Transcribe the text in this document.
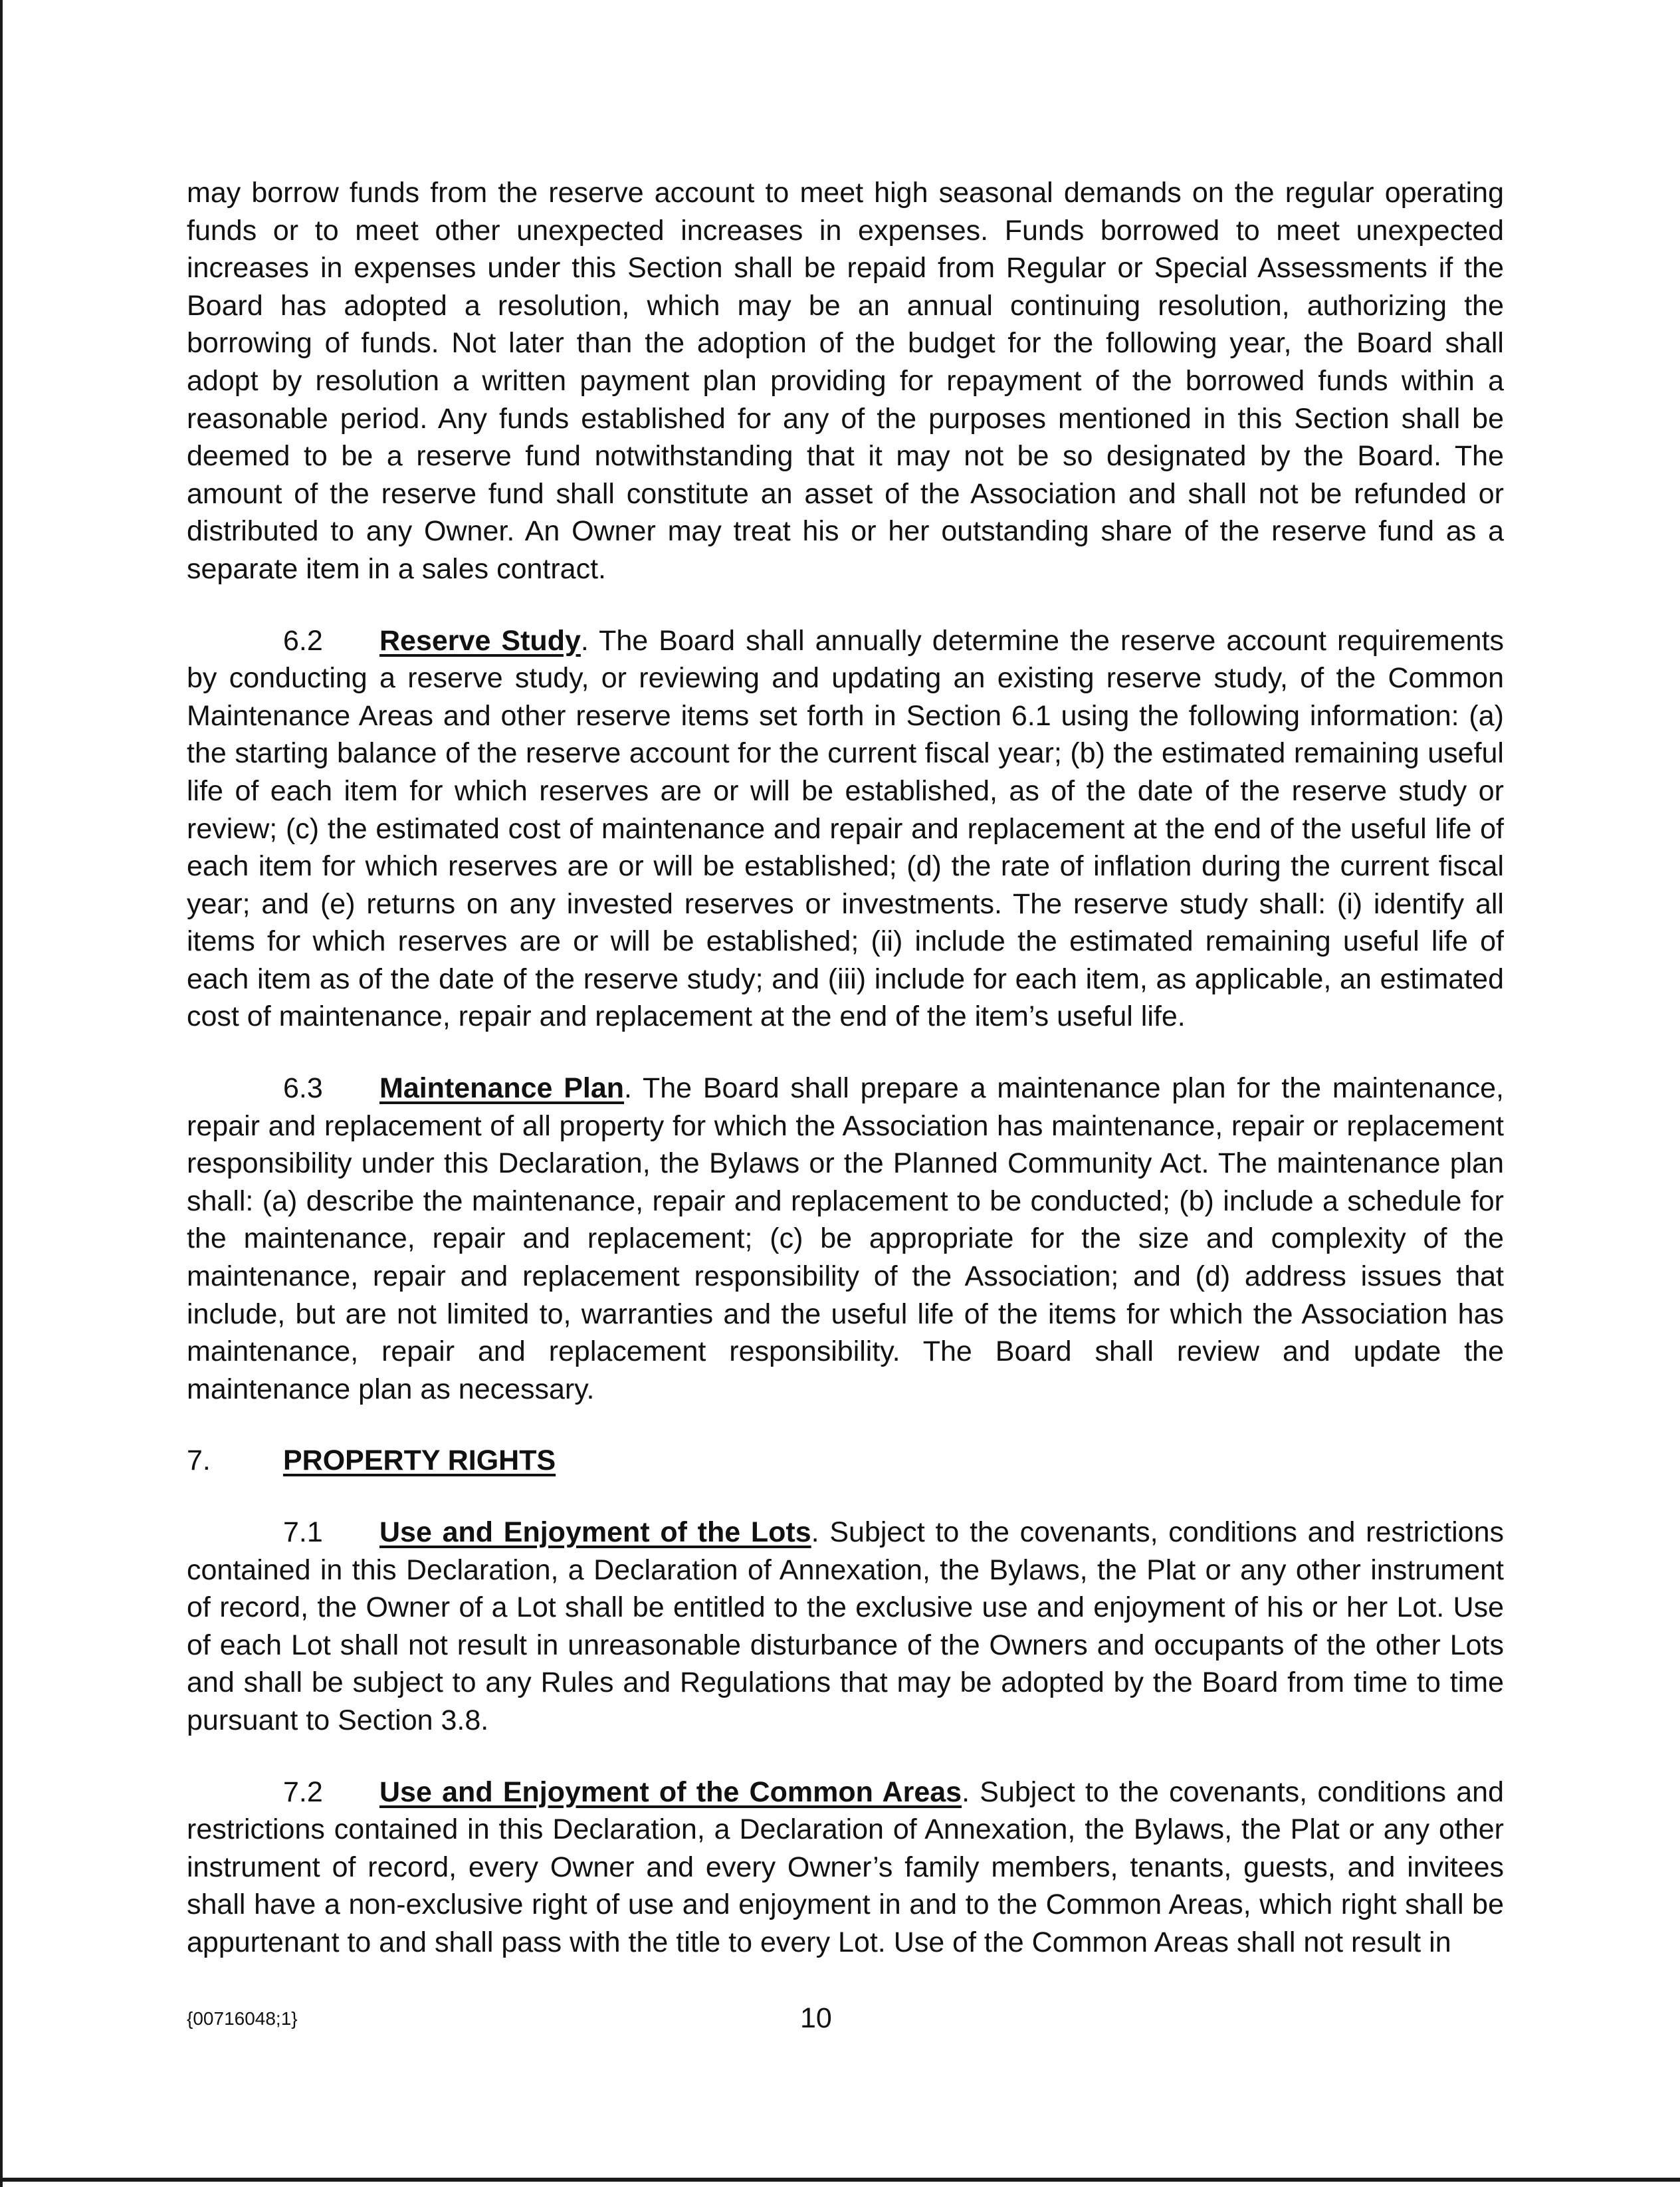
may borrow funds from the reserve account to meet high seasonal demands on the regular operating funds or to meet other unexpected increases in expenses. Funds borrowed to meet unexpected increases in expenses under this Section shall be repaid from Regular or Special Assessments if the Board has adopted a resolution, which may be an annual continuing resolution, authorizing the borrowing of funds. Not later than the adoption of the budget for the following year, the Board shall adopt by resolution a written payment plan providing for repayment of the borrowed funds within a reasonable period. Any funds established for any of the purposes mentioned in this Section shall be deemed to be a reserve fund notwithstanding that it may not be so designated by the Board. The amount of the reserve fund shall constitute an asset of the Association and shall not be refunded or distributed to any Owner. An Owner may treat his or her outstanding share of the reserve fund as a separate item in a sales contract.

6.2 Reserve Study. The Board shall annually determine the reserve account requirements by conducting a reserve study, or reviewing and updating an existing reserve study, of the Common Maintenance Areas and other reserve items set forth in Section 6.1 using the following information: (a) the starting balance of the reserve account for the current fiscal year; (b) the estimated remaining useful life of each item for which reserves are or will be established, as of the date of the reserve study or review; (c) the estimated cost of maintenance and repair and replacement at the end of the useful life of each item for which reserves are or will be established; (d) the rate of inflation during the current fiscal year; and (e) returns on any invested reserves or investments. The reserve study shall: (i) identify all items for which reserves are or will be established; (ii) include the estimated remaining useful life of each item as of the date of the reserve study; and (iii) include for each item, as applicable, an estimated cost of maintenance, repair and replacement at the end of the item’s useful life.

6.3 Maintenance Plan. The Board shall prepare a maintenance plan for the maintenance, repair and replacement of all property for which the Association has maintenance, repair or replacement responsibility under this Declaration, the Bylaws or the Planned Community Act. The maintenance plan shall: (a) describe the maintenance, repair and replacement to be conducted; (b) include a schedule for the maintenance, repair and replacement; (c) be appropriate for the size and complexity of the maintenance, repair and replacement responsibility of the Association; and (d) address issues that include, but are not limited to, warranties and the useful life of the items for which the Association has maintenance, repair and replacement responsibility. The Board shall review and update the maintenance plan as necessary.

7.	PROPERTY RIGHTS

7.1 Use and Enjoyment of the Lots. Subject to the covenants, conditions and restrictions contained in this Declaration, a Declaration of Annexation, the Bylaws, the Plat or any other instrument of record, the Owner of a Lot shall be entitled to the exclusive use and enjoyment of his or her Lot. Use of each Lot shall not result in unreasonable disturbance of the Owners and occupants of the other Lots and shall be subject to any Rules and Regulations that may be adopted by the Board from time to time pursuant to Section 3.8.

7.2 Use and Enjoyment of the Common Areas. Subject to the covenants, conditions and restrictions contained in this Declaration, a Declaration of Annexation, the Bylaws, the Plat or any other instrument of record, every Owner and every Owner’s family members, tenants, guests, and invitees shall have a non-exclusive right of use and enjoyment in and to the Common Areas, which right shall be appurtenant to and shall pass with the title to every Lot. Use of the Common Areas shall not result in

{00716048;1}	10
